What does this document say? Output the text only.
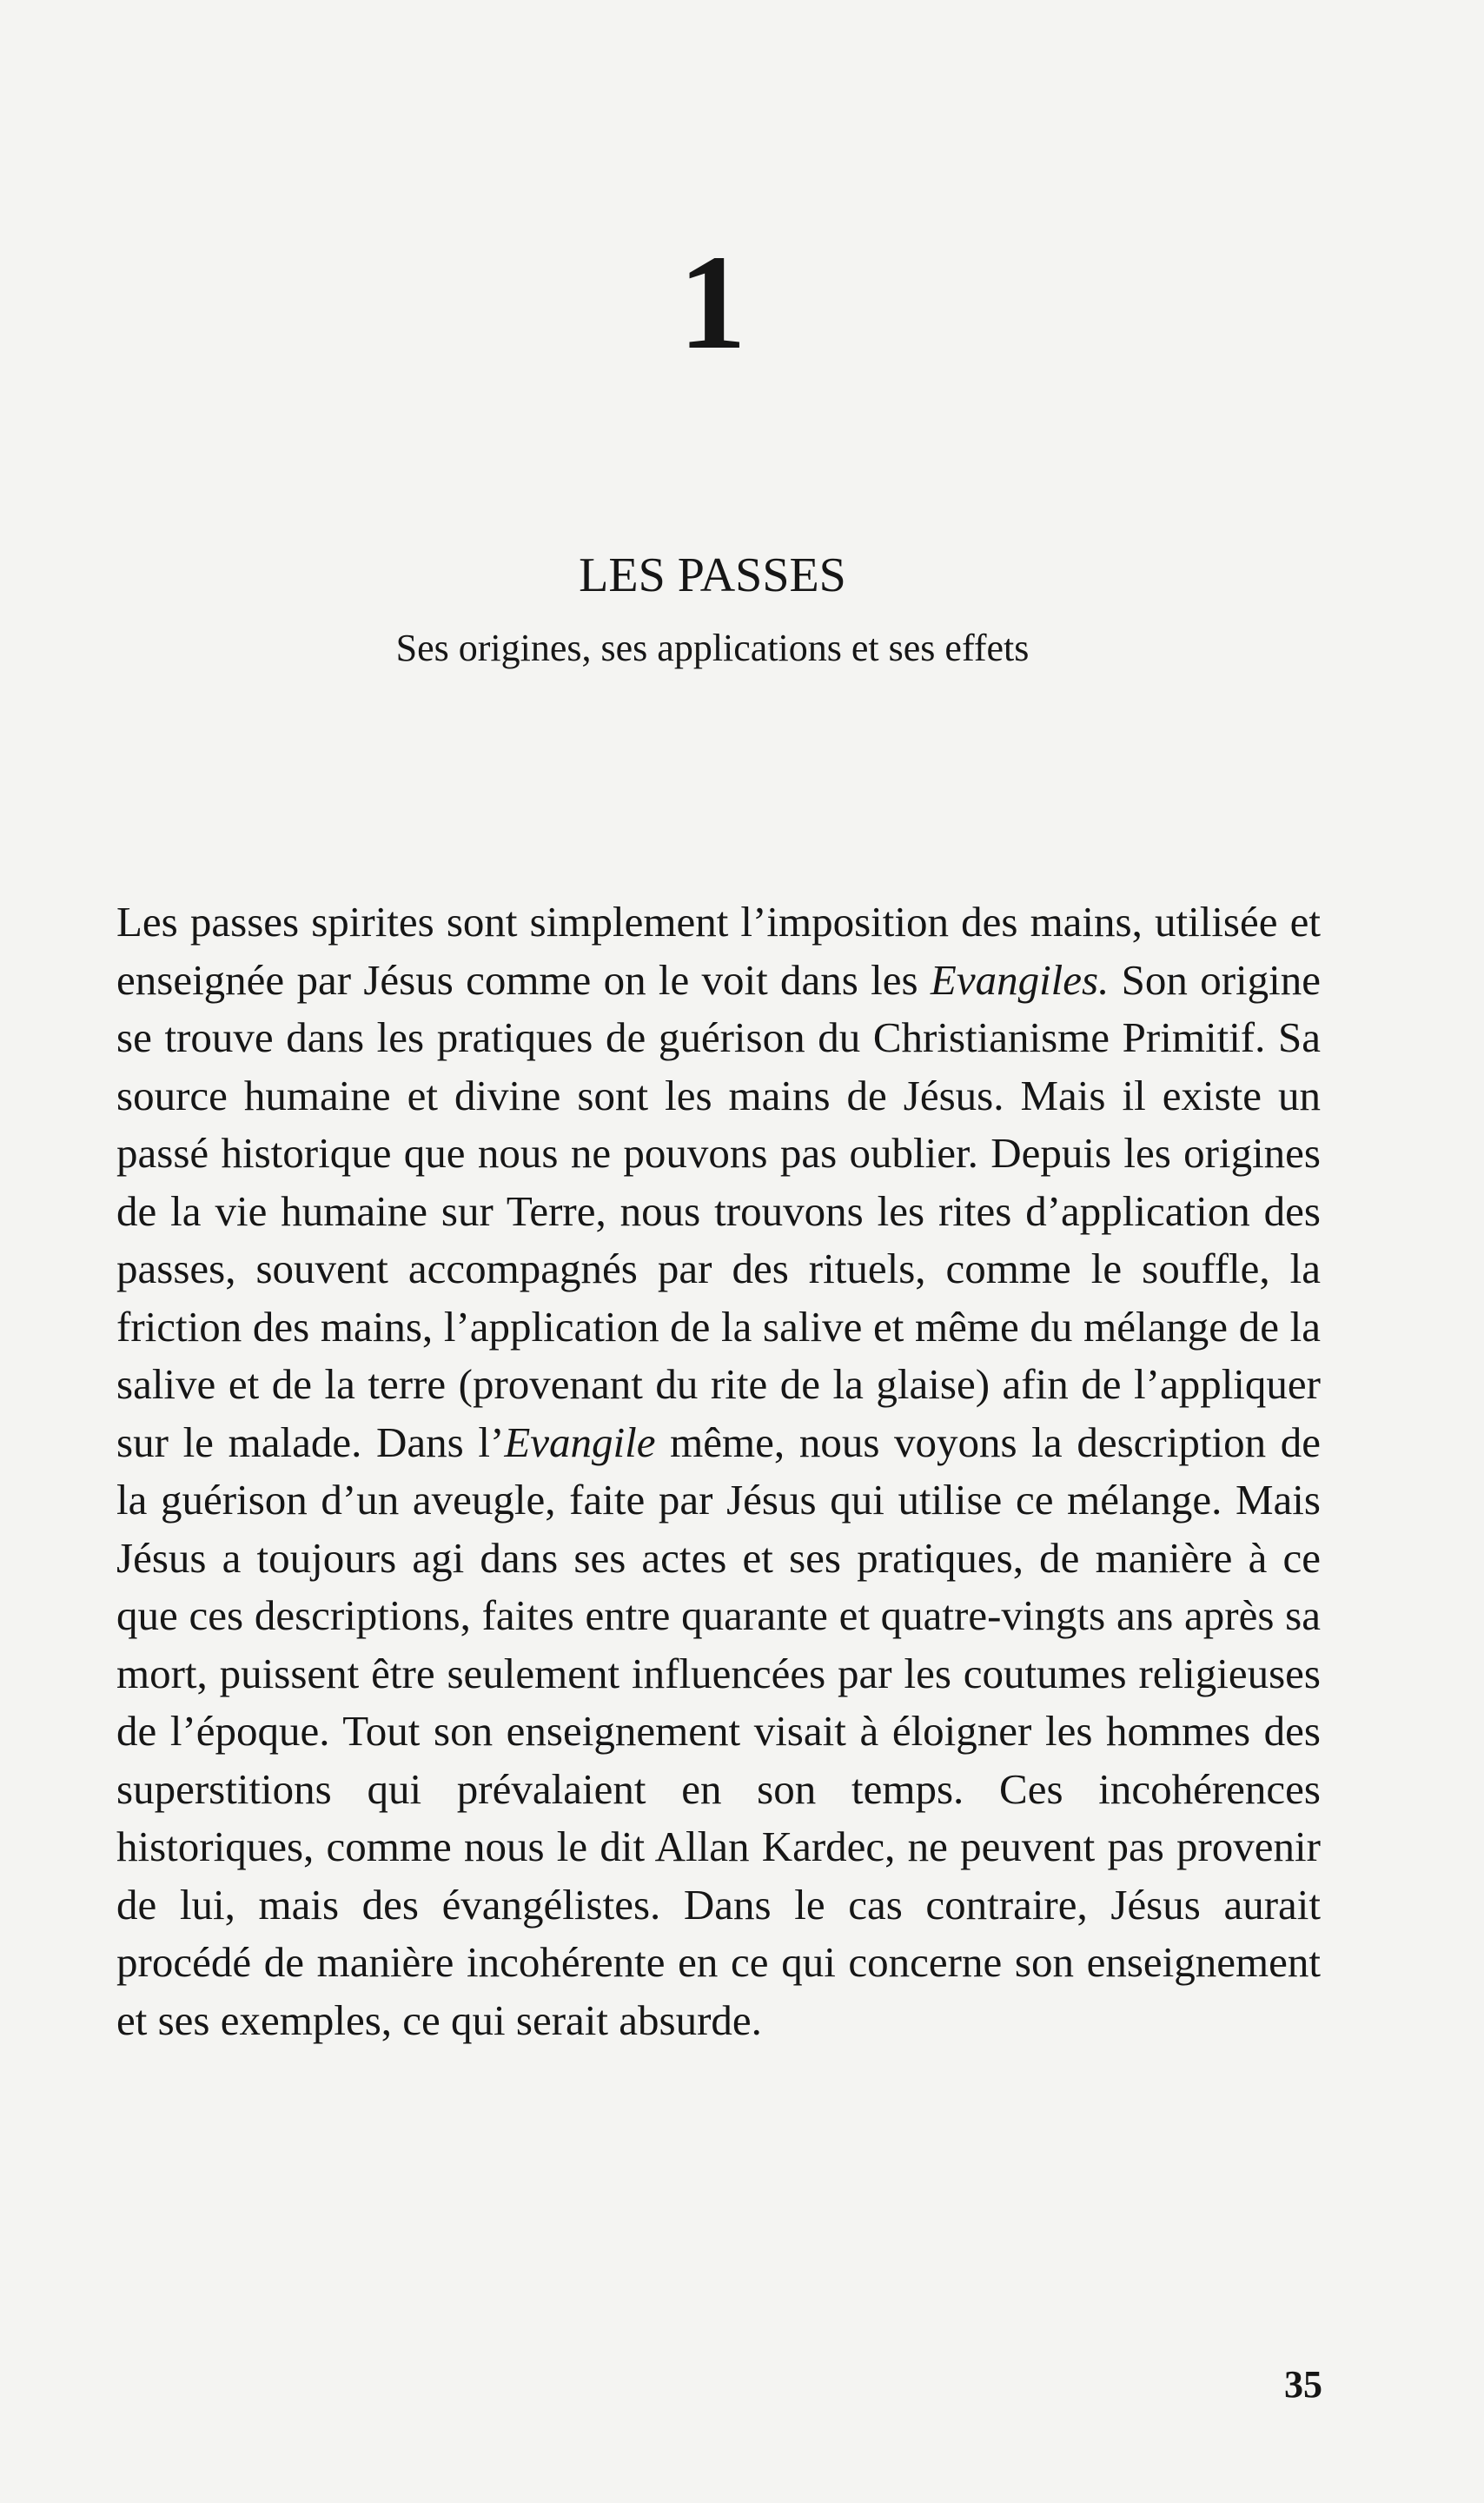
1
LES PASSES
Ses origines, ses applications et ses effets

Les passes spirites sont simplement l’imposition des mains, utilisée et enseignée par Jésus comme on le voit dans les Evangiles. Son origine se trouve dans les pratiques de guérison du Christianisme Primitif. Sa source humaine et divine sont les mains de Jésus. Mais il existe un passé historique que nous ne pouvons pas oublier. Depuis les origines de la vie humaine sur Terre, nous trouvons les rites d’application des passes, souvent accompagnés par des rituels, comme le souffle, la friction des mains, l’application de la salive et même du mélange de la salive et de la terre (provenant du rite de la glaise) afin de l’appliquer sur le malade. Dans l’Evangile même, nous voyons la description de la guérison d’un aveugle, faite par Jésus qui utilise ce mélange. Mais Jésus a toujours agi dans ses actes et ses pratiques, de manière à ce que ces descriptions, faites entre quarante et quatre-vingts ans après sa mort, puissent être seulement influencées par les coutumes religieuses de l’époque. Tout son enseignement visait à éloigner les hommes des superstitions qui prévalaient en son temps. Ces incohérences historiques, comme nous le dit Allan Kardec, ne peuvent pas provenir de lui, mais des évangélistes. Dans le cas contraire, Jésus aurait procédé de manière incohérente en ce qui concerne son enseignement et ses exemples, ce qui serait absurde.

35
